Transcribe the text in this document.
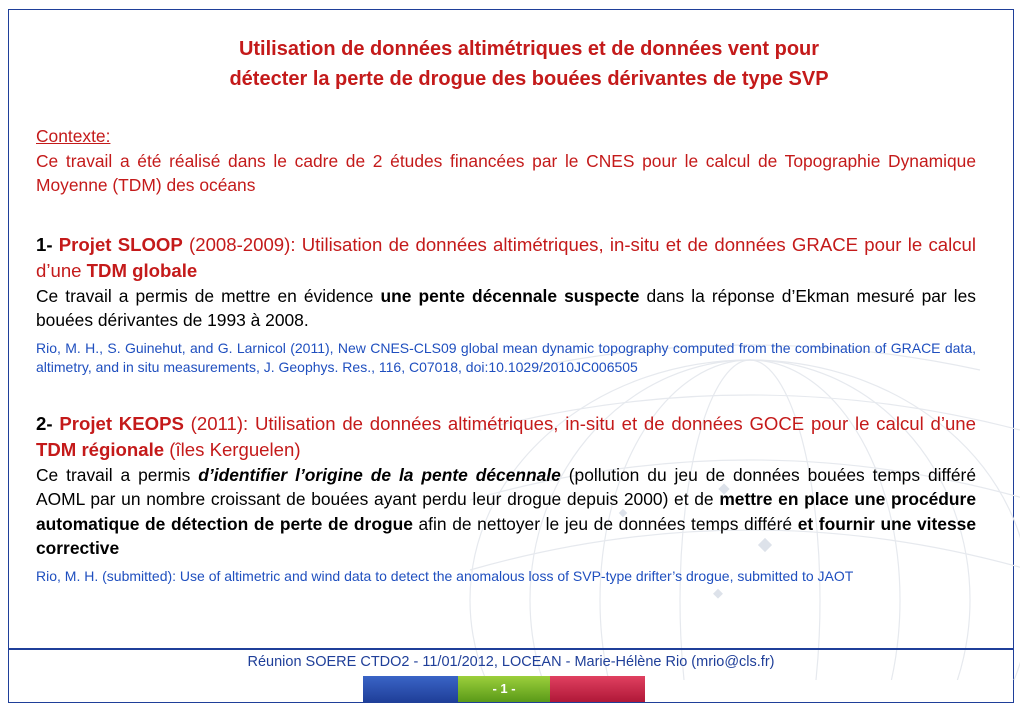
Utilisation de données altimétriques et de données vent pour
détecter la perte de drogue des bouées dérivantes de type SVP

Contexte:
Ce travail a été réalisé dans le cadre de 2 études financées par le CNES pour le calcul de Topographie Dynamique Moyenne (TDM) des océans

1- Projet SLOOP (2008-2009): Utilisation de données altimétriques, in-situ et de données GRACE pour le calcul d’une TDM globale

Ce travail a permis de mettre en évidence une pente décennale suspecte dans la réponse d’Ekman mesuré par les bouées dérivantes de 1993 à 2008.

Rio, M. H., S. Guinehut, and G. Larnicol (2011), New CNES-CLS09 global mean dynamic topography computed from the combination of GRACE data, altimetry, and in situ measurements, J. Geophys. Res., 116, C07018, doi:10.1029/2010JC006505

2- Projet KEOPS (2011): Utilisation de données altimétriques, in-situ et de données GOCE pour le calcul d’une TDM régionale (îles Kerguelen)

Ce travail a permis d’identifier l’origine de la pente décennale (pollution du jeu de données bouées temps différé AOML par un nombre croissant de bouées ayant perdu leur drogue depuis 2000) et de mettre en place une procédure automatique de détection de perte de drogue afin de nettoyer le jeu de données temps différé et fournir une vitesse corrective

Rio, M. H. (submitted): Use of altimetric and wind data to detect the anomalous loss of SVP-type drifter’s drogue, submitted to JAOT

Réunion SOERE CTDO2 - 11/01/2012, LOCEAN - Marie-Hélène Rio (mrio@cls.fr)
- 1 -
